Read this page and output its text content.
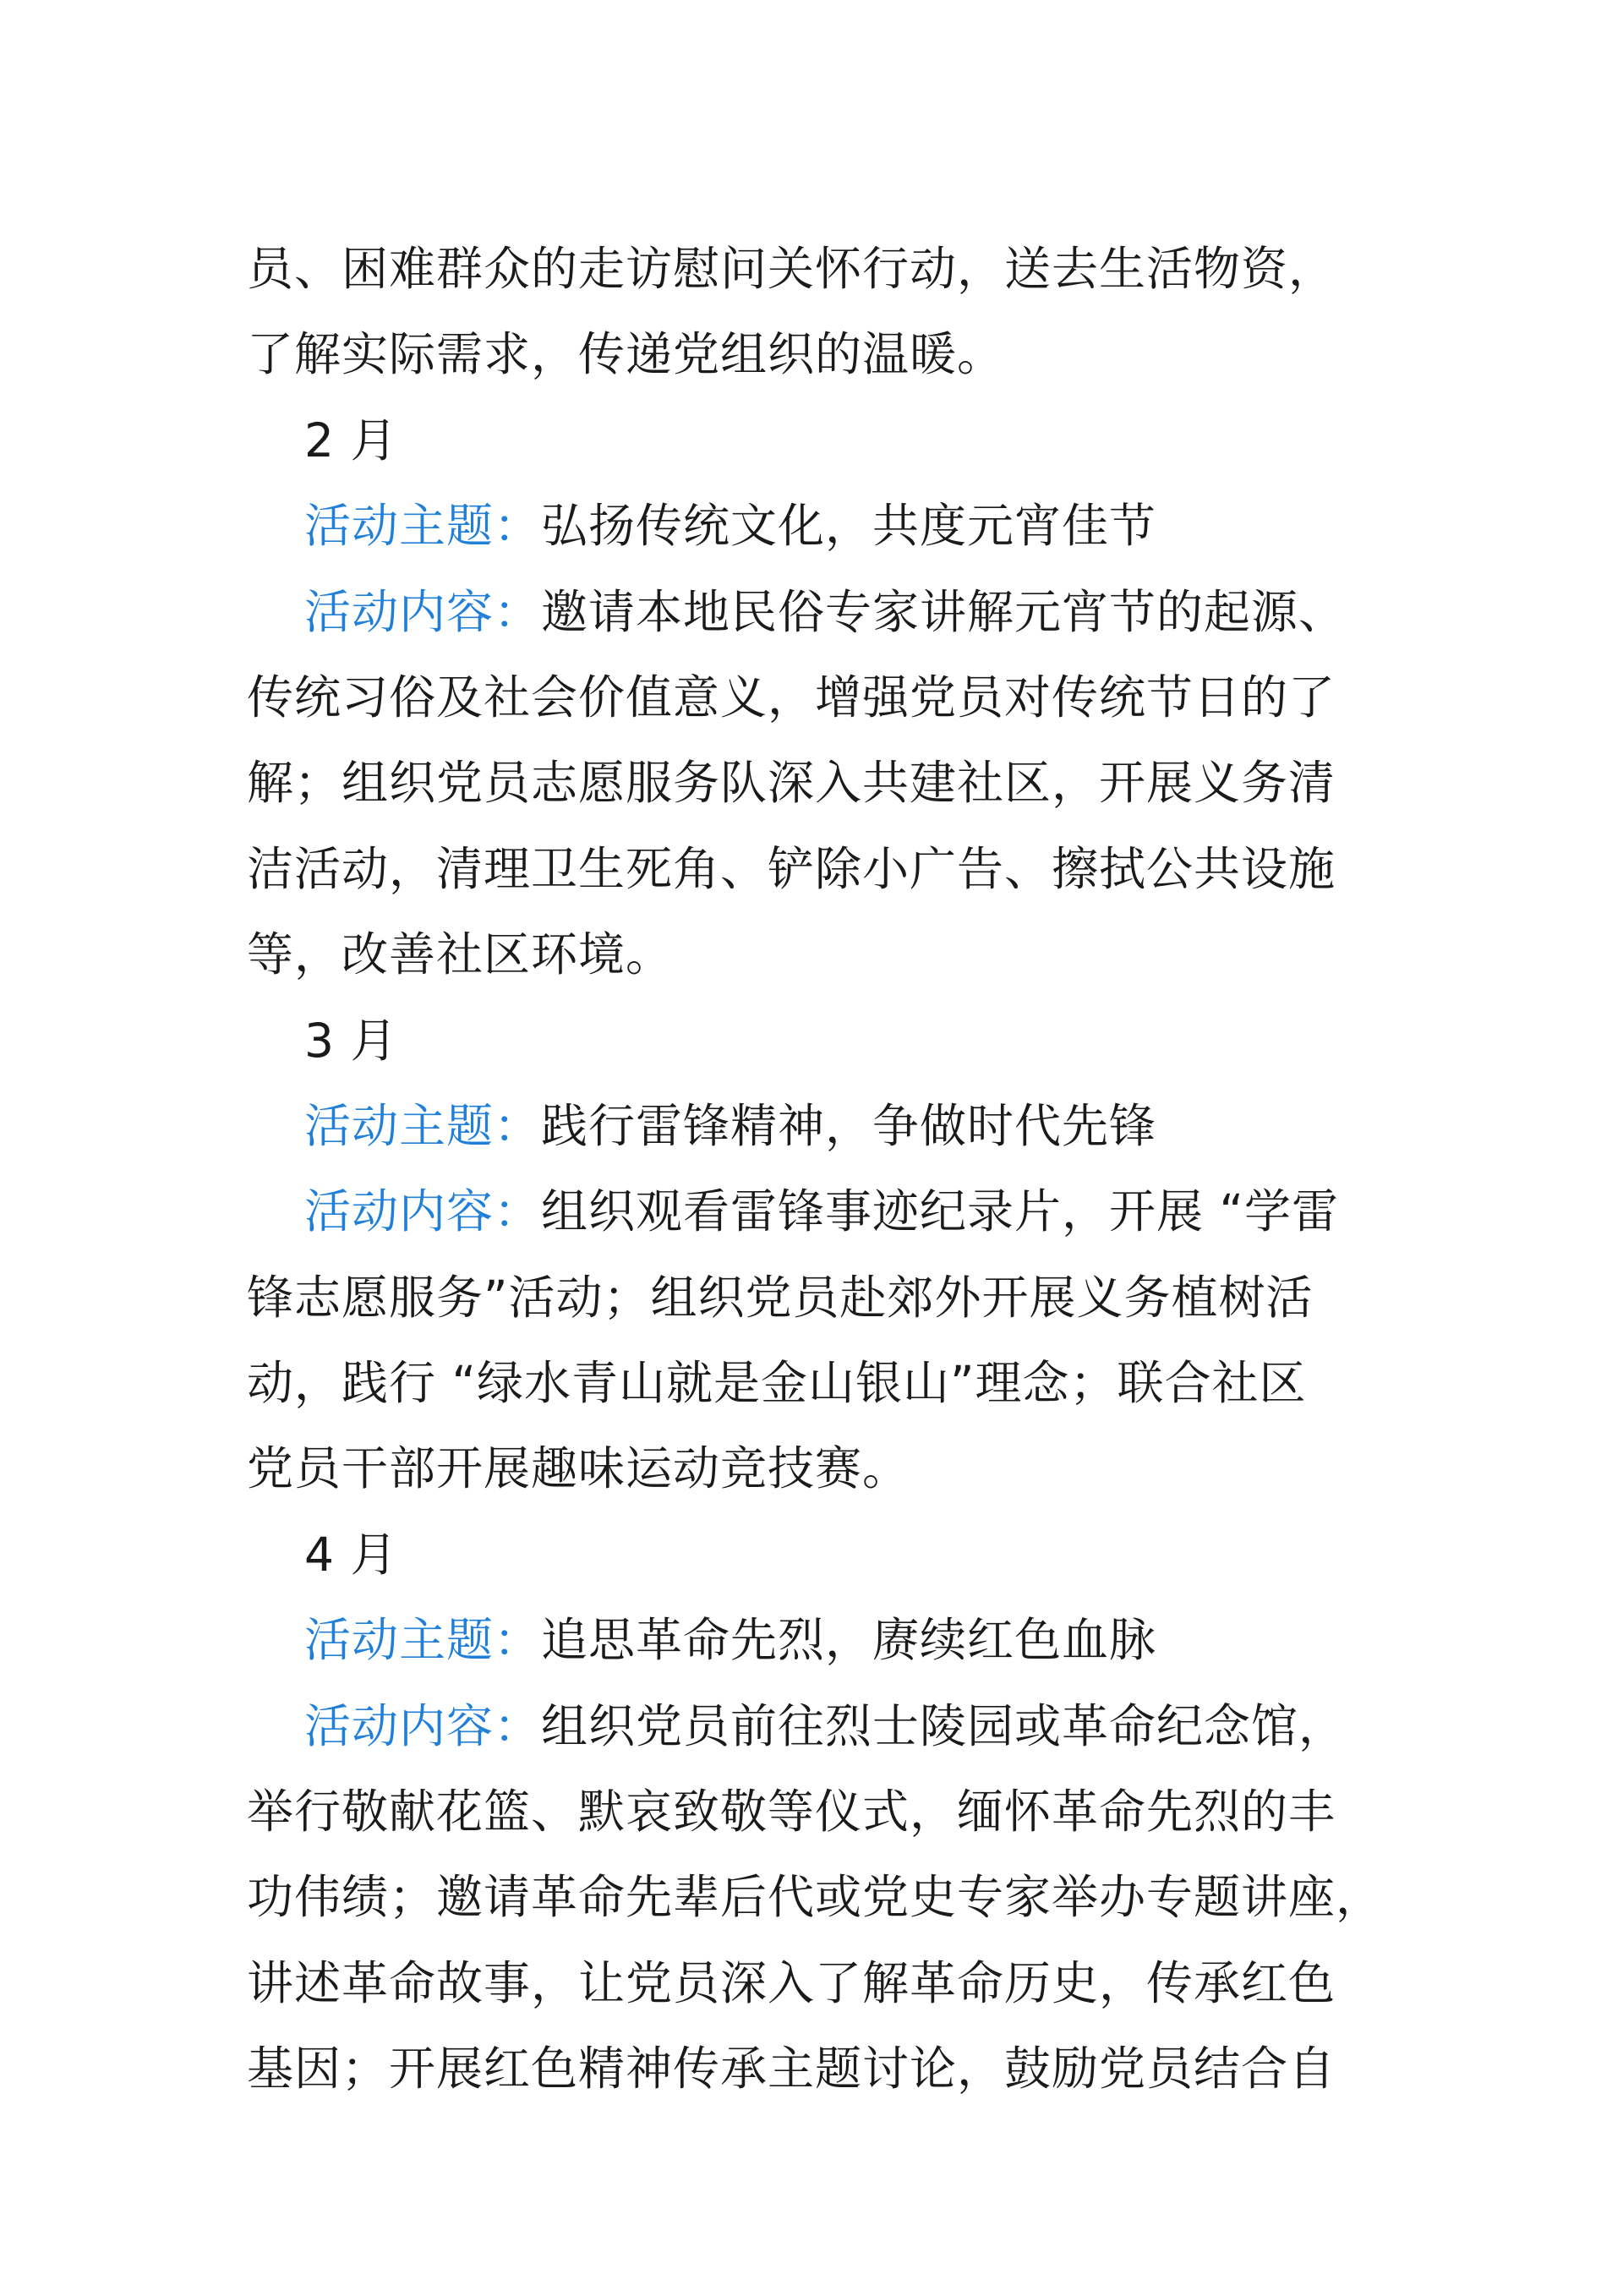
员、困难群众的走访慰问关怀行动，送去生活物资，
了解实际需求，传递党组织的温暖。
2 月
活动主题：弘扬传统文化，共度元宵佳节
活动内容：邀请本地民俗专家讲解元宵节的起源、
传统习俗及社会价值意义，增强党员对传统节日的了
解；组织党员志愿服务队深入共建社区，开展义务清
洁活动，清理卫生死角、铲除小广告、擦拭公共设施
等，改善社区环境。
3 月
活动主题：践行雷锋精神，争做时代先锋
活动内容：组织观看雷锋事迹纪录片，开展 “学雷
锋志愿服务”活动；组织党员赴郊外开展义务植树活
动，践行 “绿水青山就是金山银山”理念；联合社区
党员干部开展趣味运动竞技赛。
4 月
活动主题：追思革命先烈，赓续红色血脉
活动内容：组织党员前往烈士陵园或革命纪念馆，
举行敬献花篮、默哀致敬等仪式，缅怀革命先烈的丰
功伟绩；邀请革命先辈后代或党史专家举办专题讲座，
讲述革命故事，让党员深入了解革命历史，传承红色
基因；开展红色精神传承主题讨论，鼓励党员结合自
